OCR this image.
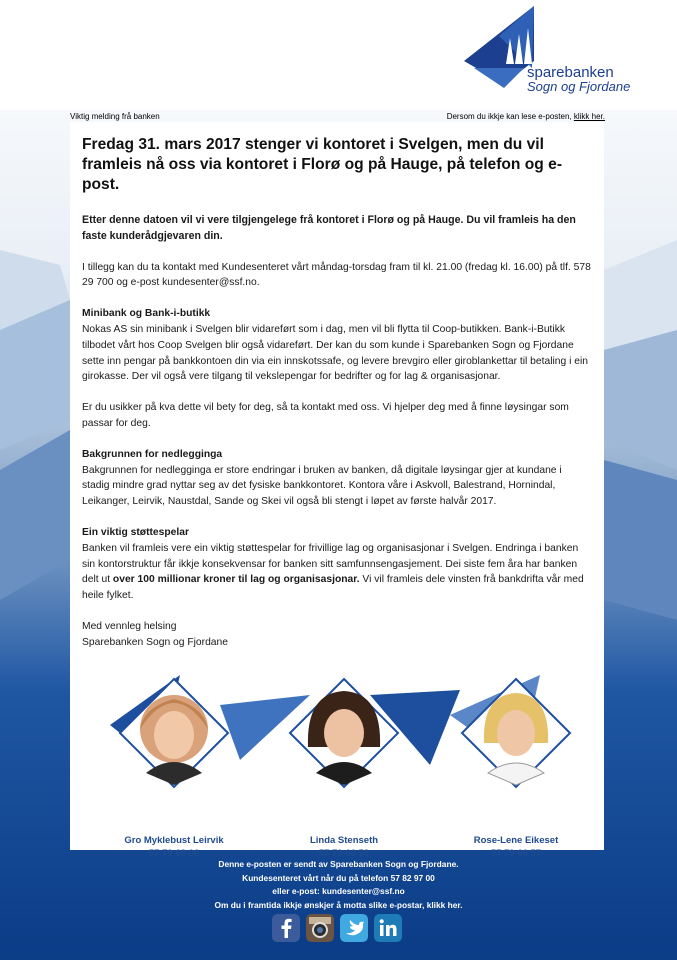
sparebanken
Sogn og Fjordane
Viktig melding frå banken	Dersom du ikkje kan lese e-posten, klikk her.
Fredag 31. mars 2017 stenger vi kontoret i Svelgen, men du vil framleis nå oss via kontoret i Florø og på Hauge, på telefon og e-post.

Etter denne datoen vil vi vere tilgjengelege frå kontoret i Florø og på Hauge. Du vil framleis ha den faste kunderådgjevaren din.

I tillegg kan du ta kontakt med Kundesenteret vårt måndag-torsdag fram til kl. 21.00 (fredag kl. 16.00) på tlf. 578 29 700 og e-post kundesenter@ssf.no.

Minibank og Bank-i-butikk
Nokas AS sin minibank i Svelgen blir vidareført som i dag, men vil bli flytta til Coop-butikken. Bank-i-Butikk tilbodet vårt hos Coop Svelgen blir også vidareført. Der kan du som kunde i Sparebanken Sogn og Fjordane sette inn pengar på bankkontoen din via ein innskotssafe, og levere brevgiro eller giroblankettar til betaling i ein girokasse. Der vil også vere tilgang til vekslepengar for bedrifter og for lag & organisasjonar.

Er du usikker på kva dette vil bety for deg, så ta kontakt med oss. Vi hjelper deg med å finne løysingar som passar for deg.

Bakgrunnen for nedlegginga
Bakgrunnen for nedlegginga er store endringar i bruken av banken, då digitale løysingar gjer at kundane i stadig mindre grad nyttar seg av det fysiske bankkontoret. Kontora våre i Askvoll, Balestrand, Hornindal, Leikanger, Leirvik, Naustdal, Sande og Skei vil også bli stengt i løpet av første halvår 2017.

Ein viktig støttespelar
Banken vil framleis vere ein viktig støttespelar for frivillige lag og organisasjonar i Svelgen. Endringa i banken sin kontorstruktur får ikkje konsekvensar for banken sitt samfunnsengasjement. Dei siste fem åra har banken delt ut over 100 millionar kroner til lag og organisasjonar. Vi vil framleis dele vinsten frå bankdrifta vår med heile fylket.

Med vennleg helsing
Sparebanken Sogn og Fjordane

Gro Myklebust Leirvik
57 79 68 06
Linda Stenseth
57 79 66 53
Rose-Lene Eikeset
57 79 66 57
Denne e-posten er sendt av Sparebanken Sogn og Fjordane.
Kundesenteret vårt når du på telefon 57 82 97 00
eller e-post: kundesenter@ssf.no
Om du i framtida ikkje ønskjer å motta slike e-postar, klikk her.
